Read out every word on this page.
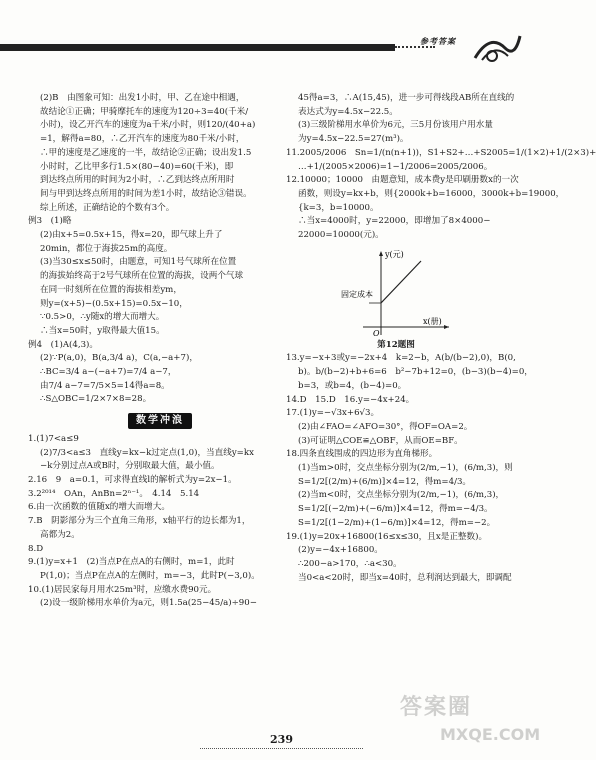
参考答案
(2)B　由图象可知：出发1小时，甲、乙在途中相遇，
故结论①正确；甲骑摩托车的速度为120÷3=40(千米/
小时)，设乙开汽车的速度为a千米/小时，则120/(40+a)
=1，解得a=80，∴乙开汽车的速度为80千米/小时，
∴甲的速度是乙速度的一半，故结论②正确；设出发1.5
小时时，乙比甲多行1.5×(80−40)=60(千米)，即
到达终点所用的时间为2小时，∴乙到达终点所用时
间与甲到达终点所用的时间为差1小时，故结论③错误。
综上所述，正确结论的个数有3个。
例3　(1)略
(2)由x+5=0.5x+15，得x=20，即气球上升了
20min，都位于海拔25m的高度。
(3)当30≤x≤50时，由题意，可知1号气球所在位置
的海拔始终高于2号气球所在位置的海拔，设两个气球
在同一时刻所在位置的海拔相差ym，
则y=(x+5)−(0.5x+15)=0.5x−10，
∵0.5>0，∴y随x的增大而增大。
∴当x=50时，y取得最大值15。
例4　(1)A(4,3)。
(2)∵P(a,0)，B(a,3/4 a)，C(a,−a+7)，
∴BC=3/4 a−(−a+7)=7/4 a−7，
由7/4 a−7=7/5×5=14得a=8。
∴S△OBC=1/2×7×8=28。
数学冲浪
1.(1)7<a≤9
(2)7/3<a≤3　直线y=kx−k过定点(1,0)，当直线y=kx
−k分别过点A或B时，分别取最大值，最小值。
2.16　9　a=0.1，可求得直线l的解析式为y=2x−1。
3.2²⁰¹⁴　OAn，AnBn=2ⁿ⁻¹。　4.14　5.14
6.由一次函数的值随x的增大而增大。
7.B　阴影部分为三个直角三角形，x轴平行的边长都为1，
高都为2。
8.D
9.(1)y=x+1　(2)当点P在点A的右侧时，m=1，此时
P(1,0)；当点P在点A的左侧时，m=−3，此时P(−3,0)。
10.(1)居民家每月用水25m³时，应缴水费90元。
(2)设一级阶梯用水单价为a元，则1.5a(25−45/a)÷90−
45得a=3，∴A(15,45)，进一步可得线段AB所在直线的
表达式为y=4.5x−22.5。
(3)三级阶梯用水单价为6元，三5月份该用户用水量
为y=4.5x−22.5=27(m³)。
11.2005/2006　Sn=1/(n(n+1))，S1+S2+…+S2005=1/(1×2)+1/(2×3)+
…+1/(2005×2006)=1−1/2006=2005/2006。
12.10000；10000　由题意知，成本费y是印刷册数x的一次
函数，则设y=kx+b，则{2000k+b=16000，3000k+b=19000，
{k=3，b=10000。
∴当x=4000时，y=22000，即增加了8×4000−
22000=10000(元)。
y(元)
x(册)
固定成本
O
第12题图
13.y=−x+3或y=−2x+4　k=2−b，A(b/(b−2),0)，B(0,
b)。b/(b−2)+b+6=6　b²−7b+12=0，(b−3)(b−4)=0，
b=3，或b=4，(b−4)=0。
14.D　15.D　16.y=−4x+24。
17.(1)y=−√3x+6√3。
(2)由∠FAO=∠AFO=30°，得OF=OA=2。
(3)可证明△COE≌△OBF，从而OE=BF。
18.四条直线围成的四边形为直角梯形。
(1)当m>0时，交点坐标分别为(2/m,−1)，(6/m,3)，则
S=1/2[(2/m)+(6/m)]×4=12，得m=4/3。
(2)当m<0时，交点坐标分别为(2/m,−1)，(6/m,3)，
S=1/2[(−2/m)+(−6/m)]×4=12，得m=−4/3。
S=1/2[(1−2/m)+(1−6/m)]×4=12，得m=−2。
19.(1)y=20x+16800(16≤x≤30，且x是正整数)。
(2)y=−4x+16800。
∴200−a>170，∴a<30。
当0<a<20时，即当x=40时，总利润达到最大，即调配
239
答案圈
MXQE.COM
